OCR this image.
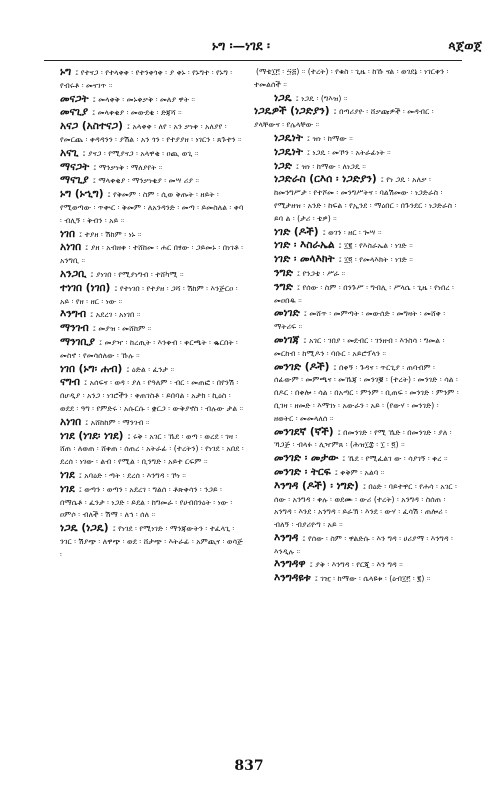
ኑግ ፡—ነገደ ፡	ጳጀወጀ

ኑግ ፤ የተናጋ ፡ የተላቀቀ ፡ የተንቀጎቀ ፡ ያ ቀኑ ፡ የኑግተ ፡ የኑግ ፡ የብሩቶ ፡ መናገጥ ።

መናጋት ፤ መላቀቅ ፡ መኑቀቃቅ ፡ መለያ ዋት ።

መናጊያ ፤ መላቀቂያ ፡ መውደቂ ፡ ድጃሻ ።

አናጋ (አስተናጋ) ፤ አላቀቀ ፡ ለየ ፡ አን ቃነቀ ፡ አለያየ ፡ የመርጨ ፡ ቀዳዳንን ፡ ያሽል ፡ አን ጎን ፡ የተያያዘ ፡ ነገርን ፡ ጸጉተን ።

አናጊ ፤ ያናጋ ፡ የሚያናጋ ፡ አላዋቂ ፡ ዐጪ ወጊ ።

ማናጋት ፤ ማንቃነቅ ፡ ማለያየት ።

ማናጊያ ፤ ማላቀቂያ ፡ ማንቃነቂያ ፡ መሣ ሪያ ።

ኑግ (ኑኂግ) ፤ የቅመም ፡ ስም ፡ ሲወ ቅጡት ፡ ዘይት ፡ የሚወጣው ፡ ጥቍር ፡ ቅመም ፡ ለአንዳንድ ፡ መጣ ፡ ይመስለል ፡ ቀባ ፡ ብሊኝ ፡ ቅብን ፡ አይ ።

ነገበ ፤ ተያዘ ፡ ሽከም ፡ ነኑ ።

አነገበ ፤ ያዘ ፡ አብዘቀ ፡ ተሸከመ ፡ ሐር በፃው ፡ ጋይመኑ ፡ በነገቶ ፡ አንግቢ ።

አንጋቢ ፤ ያነገበ ፡ የሚያነግብ ፡ ተሸካሚ ።

ተነገበ (ነገበ) ፤ የተነገበ ፡ የተያዘ ፡ ጋሻ ፡ ሽከም ፡ እንጅርዐ ፡ አይ ፡ የዘ ፡ ዘር ፡ ነው ።

እንግብ ፤ አደረገ ፡ አነገበ ።

ማንገብ ፤ መያዝ ፡ መሸከም ።

ማንገቢያ ፤ መያዣ ፡ ከረጢት ፡ እንቀብ ፡ ቀርጫት ፡ ቈርበት ፡ መስኖ ፡ የመሳሰለው ፡ ኹሉ ።

ነገበ (ኑግ፡ ሐብ) ፤ ዕድል ፡ ፈንታ ።

ናግብ ፤ አሰፍና ፡ ወዳ ፡ ያለ ፡ የዓለም ፡ ብር ፡ መጠፎ ፡ በየንሽ ፡ በሆዲያ ፡ አንጋ ፡ ነገሮችን ፡ ቀጠገስቶ ፡ ይበባል ፡ አታክ ፡ ኪዕስ ፡ ወደደ ፡ ዓግ ፡ የምድሩ ፡ አሱርሱ ፡ ቋርጋ ፡ ውቅያኖስ ፡ ብሉው ታል ።

አነገበ ፤ አሸከከም ፡ ማንገብ ።

ነገደ (ነገደ፡ ነገደ) ፤ ሩቅ ፡ አገር ፡ ኼደ ፡ ወጣ ፡ ወረደ ፡ ገዛ ፡ ሸጠ ፡ ለወጠ ፡ ሸቀጠ ፡ ሰጠረ ፡ አትራፊ ፡ (ተረትን) ፡ የነገደ ፡ አበደ ፡ ደረሰ ፡ ነገው ፡ ልብ ፡ የሚል ፡ ቢንግድ ፡ አይተ ርፍም ።

ነገደ ፤ አባዕድ ፡ ጣት ፡ ደረሰ ፡ እንግዳ ፡ ኾነ ።

ነገደ ፤ ወጣን ፡ ወጣን ፡ አደረገ ፡ ግልሰ ፡ ቶጽቀሳን ፡ ንጋይ ፡ በማሴቶ ፡ ፈንታ ፡ ነጋድ ፡ ይደል ፡ ከግመራ ፡ የሀብበንዕት ፡ ነው ፡ ዐምሶ ፡ ብለች ፡ ሽማ ፡ ለኅ ፡ ሰለ ።

ነጋዴ (ነጋዴ) ፤ የነገደ ፡ የሚነገድ ፡ ማንጃውትን ፡ ተፈላጊ ፡ ንገር ፡ ሽያጭ ፡ ለዋጭ ፡ ወደ ፡ ሸታጭ ፡ እትራፊ ፡ አምጪና ፡ ወሳጅ ፡

(ማቴ፲፫ ፡ ፵፭) ። (ተረት) ፡ የቁስ ፡ ጊዜ ፡ ከኹ ናል ፡ ወገደኔ ፡ ነገርቀን ፡ ተመልሰች ።

ነጋዴ ፤ ነጋዴ ፡ (ግእዝ) ።

ነጋዴዎች (ነጋድያን) ፤ በጣሪያዮ ፡ ሸቃጩዎች ፡ መዳብር ፡ ያላቸውና ፡ የሌላቸው ።

ነጋዴነት ፤ ዝነ ፡ ከማው ።

ነጋዴነት ፤ ነጋዴ ፡ መኾን ፡ አትራፊነት ።

ነጋድ ፤ ዝነ ፡ ከማው ፡ ለነጋዴ ።

ነጋድራስ (ርእሰ ፡ ነጋድያን) ፤ የነ ጋዴ ፡ አለቃ ፡ ከመንግሥታ ፡ የተሾመ ፡ መንግሥትና ፡ ባልሽመው ፡ ነጋድራስ ፡ የሚታዘዝ ፡ አንድ ፡ ከፍል ፡ የኢንደ ፡ ማዕበር ፡ በጉንደር ፡ ነጋድራስ ፡ ይባ ል ፡ (ታሪ ፡ ቴዎ) ።

ነገድ (ዶች) ፤ ወገን ፡ ዘር ፡ ጐሣ ።

ነገድ ፡ እስራኤል ፤ ፲፪ ፡ የእስራኤል ፡ ነገድ ።

ነገድ ፡ መላእክት ፤ ፲፬ ፡ የመላእክት ፡ ነገድ ።

ንግድ ፤ የንጋቴ ፡ ሥራ ።

ንግድ ፤ የሰው ፡ ስም ፡ በንጉሥ ፡ ግብሊ ፡ ሥላሴ ፡ ጊዜ ፡ የነበረ ፡ መዐበዱ ።

መነገድ ፤ መሸጥ ፡ መምጣት ፡ መውሰድ ፡ መግዛት ፡ መሸቀ ፡ ማትሪፍ ።

መነገጃ ፤ አገር ፡ ገበያ ፡ መደብር ፡ ገንዘብ ፡ እንስሳ ፡ ግመል ፡ መርከብ ፡ ከሚዶን ፡ ባቡር ፡ አይሮፕላን ።

መንገድ (ዶች) ፤ በቀኝ ፡ ጉዳና ፡ ጥርጊያ ፡ ጠባብም ፡ ሰፊውም ፡ መምጫና ፡ መኼጃ ፡ መንገቜ ፡ (ተረት) ፡ መንገድ ፡ ሳል ፡ በዶር ፡ በቀሎ ፡ ሳል ፡ በአጣር ፡ ምንም ፡ ቢጠፍ ፡ መንገድ ፡ ምንም ፡ ቢገዛ ፡ ዘመድ ፡ እማገነ ፡ አውራን ፡ አይ ፡ (የውሃ ፡ መንገድ) ፡ ዘወትር ፡ መመላለሰ ።

መንገደኛ (ኛች) ፤ በመንገድ ፡ የሚ ኼድ ፡ በመንገድ ፡ ያለ ፡ ኻጋጅ ፡ ብላፉ ፡ ሊዣምጸ ፡ (ሕዝ፲፰ ፡ ፲ ፡ ፬) ።

መንገድ ፡ መታው ፤ ኼደ ፡ የሚፈልገ ው ፡ ሳያገኝ ፡ ቀረ ።

መንገድ ፡ ትርፍ ፤ ቀቅም ፡ አልባ ።

እንግዳ (ዶች) ፡ ነግድ) ፤ በዕድ ፡ ባይተዋር ፡ የሐሳ ፡ አገር ፡ ሰው ፡ አንግዳ ፡ ቀሉ ፡ ወደሙ ፡ ውሪ (ተረት) ፡ አንግዳ ፡ ስሰጠ ፡ አንግዳ ፡ እንደ ፡ አንግዳ ፡ ይራኽ ፡ እንደ ፡ ውሃ ፡ ፈሳሽ ፡ ጠሎሪ ፡ ብለኝ ፡ ብያሪዮግ ፡ አይ ።

እንግዳ ፤ የሰው ፡ ስም ፡ ዋልድሱ ፡ እን ግዳ ፡ ሀሪያማ ፡ እንግዳ ፡ እንዲሉ ።

እንግዳዋ ፤ ያቅ ፡ እንግዳ ፡ የርጂ ፡ እን ግዳ ።

እንግዳዩቱ ፤ ገዢ ፡ ከማው ፡ ሴላዩቱ ፡ (ዕብ፲፫ ፡ ፪) ።

837
